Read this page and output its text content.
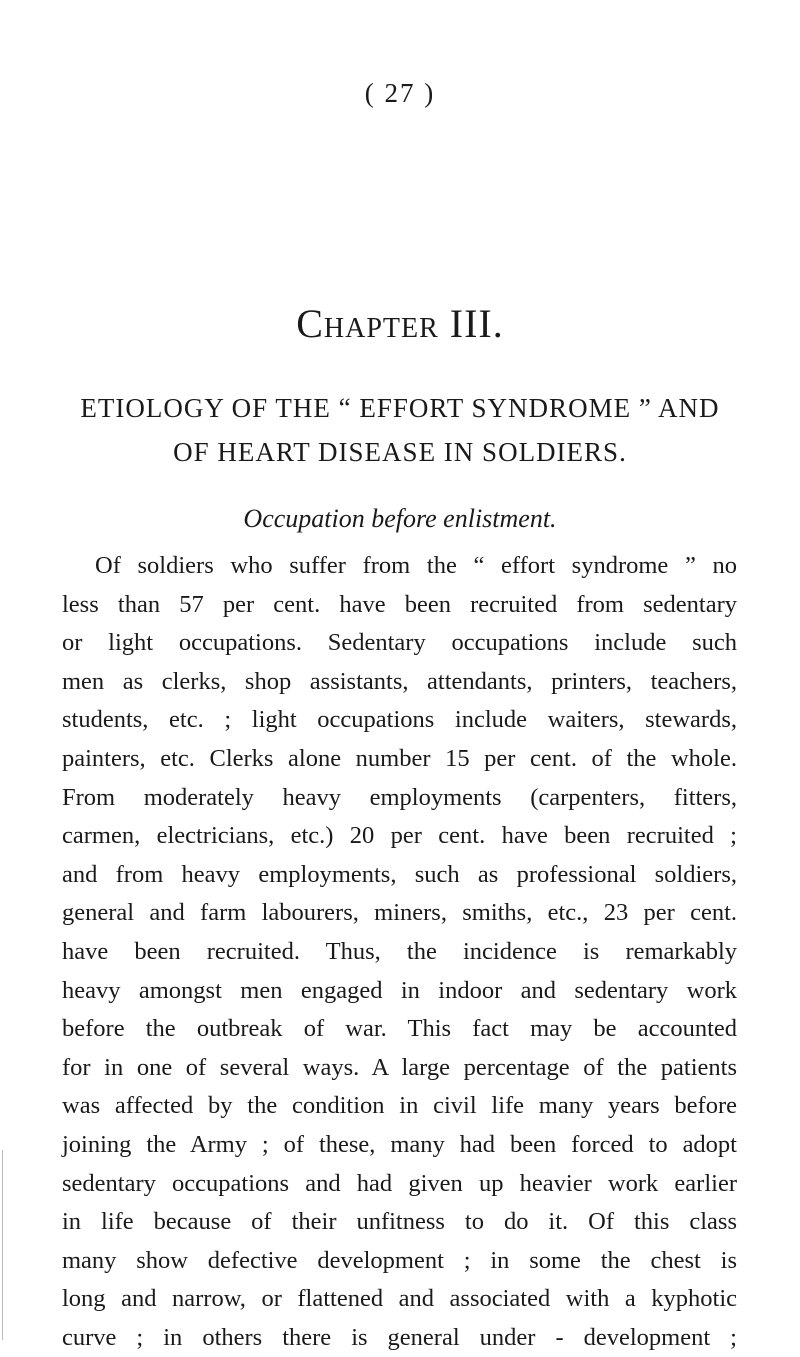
( 27 )
Chapter III.
ETIOLOGY OF THE “ EFFORT SYNDROME ” AND
OF HEART DISEASE IN SOLDIERS.
Occupation before enlistment.
Of soldiers who suffer from the “ effort syndrome ” no
less than 57 per cent. have been recruited from sedentary
or light occupations. Sedentary occupations include such
men as clerks, shop assistants, attendants, printers, teachers,
students, etc. ; light occupations include waiters, stewards,
painters, etc. Clerks alone number 15 per cent. of the whole.
From moderately heavy employments (carpenters, fitters,
carmen, electricians, etc.) 20 per cent. have been recruited ;
and from heavy employments, such as professional soldiers,
general and farm labourers, miners, smiths, etc., 23 per cent.
have been recruited. Thus, the incidence is remarkably
heavy amongst men engaged in indoor and sedentary work
before the outbreak of war. This fact may be accounted
for in one of several ways. A large percentage of the patients
was affected by the condition in civil life many years before
joining the Army ; of these, many had been forced to adopt
sedentary occupations and had given up heavier work earlier
in life because of their unfitness to do it. Of this class
many show defective development ; in some the chest is
long and narrow, or flattened and associated with a kyphotic
curve ; in others there is general under - development ;
